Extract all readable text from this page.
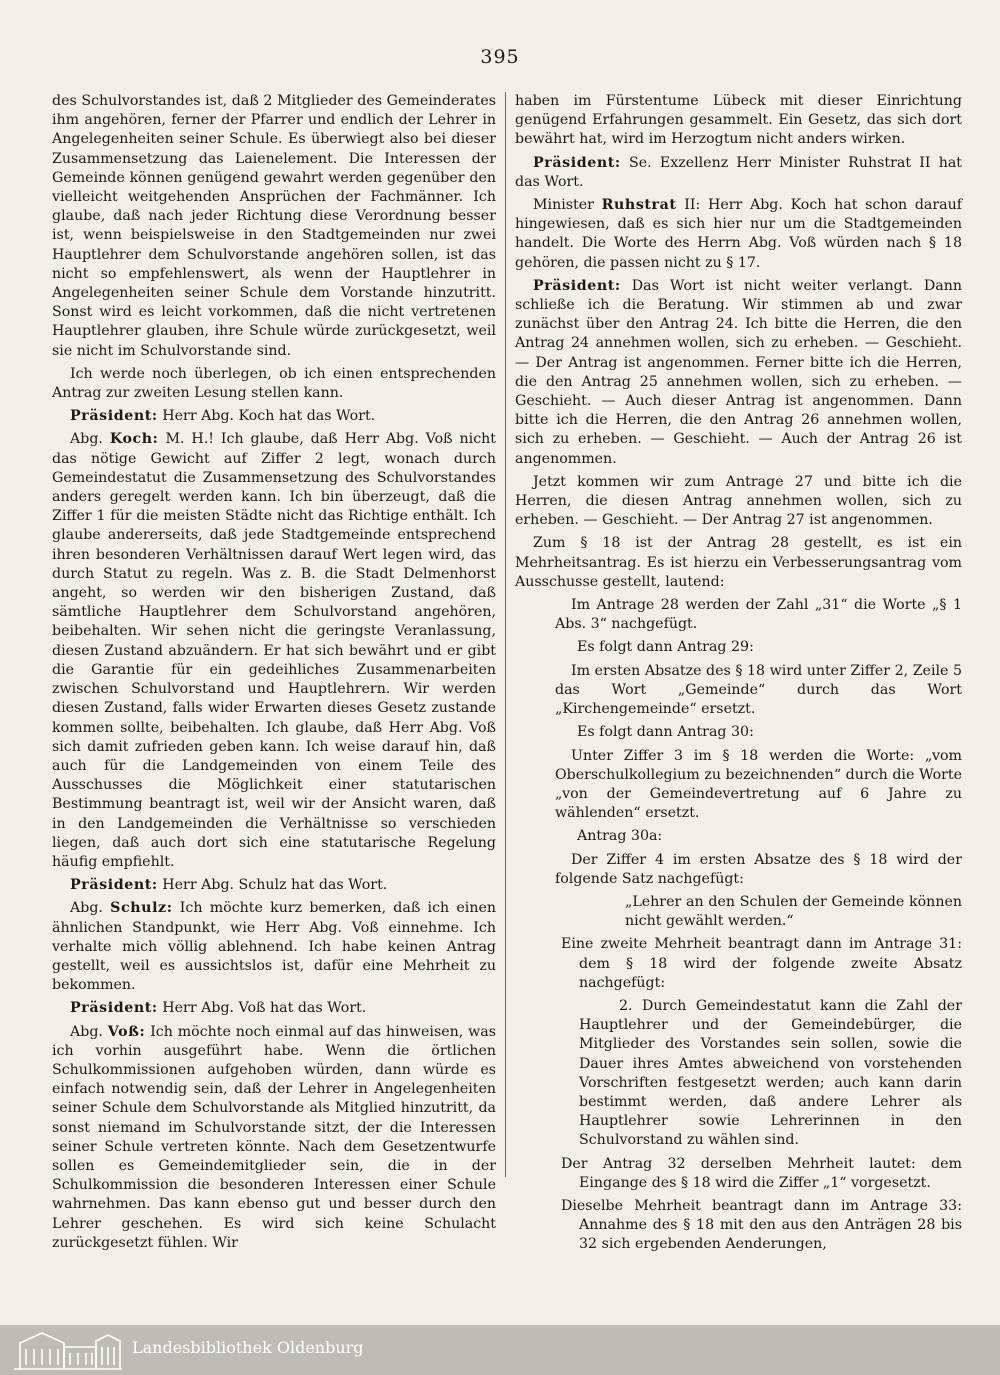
395

des Schulvorstandes ist, daß 2 Mitglieder des Gemeinderates ihm angehören, ferner der Pfarrer und endlich der Lehrer in Angelegenheiten seiner Schule. Es überwiegt also bei dieser Zusammensetzung das Laienelement. Die Interessen der Gemeinde können genügend gewahrt werden gegenüber den vielleicht weitgehenden Ansprüchen der Fachmänner. Ich glaube, daß nach jeder Richtung diese Verordnung besser ist, wenn beispielsweise in den Stadtgemeinden nur zwei Hauptlehrer dem Schulvorstande angehören sollen, ist das nicht so empfehlenswert, als wenn der Hauptlehrer in Angelegenheiten seiner Schule dem Vorstande hinzutritt. Sonst wird es leicht vorkommen, daß die nicht vertretenen Hauptlehrer glauben, ihre Schule würde zurückgesetzt, weil sie nicht im Schulvorstande sind.

Ich werde noch überlegen, ob ich einen entsprechenden Antrag zur zweiten Lesung stellen kann.

Präsident: Herr Abg. Koch hat das Wort.

Abg. Koch: M. H.! Ich glaube, daß Herr Abg. Voß nicht das nötige Gewicht auf Ziffer 2 legt, wonach durch Gemeindestatut die Zusammensetzung des Schulvorstandes anders geregelt werden kann. Ich bin überzeugt, daß die Ziffer 1 für die meisten Städte nicht das Richtige enthält. Ich glaube andererseits, daß jede Stadtgemeinde entsprechend ihren besonderen Verhältnissen darauf Wert legen wird, das durch Statut zu regeln. Was z. B. die Stadt Delmenhorst angeht, so werden wir den bisherigen Zustand, daß sämtliche Hauptlehrer dem Schulvorstand angehören, beibehalten. Wir sehen nicht die geringste Veranlassung, diesen Zustand abzuändern. Er hat sich bewährt und er gibt die Garantie für ein gedeihliches Zusammenarbeiten zwischen Schulvorstand und Hauptlehrern. Wir werden diesen Zustand, falls wider Erwarten dieses Gesetz zustande kommen sollte, beibehalten. Ich glaube, daß Herr Abg. Voß sich damit zufrieden geben kann. Ich weise darauf hin, daß auch für die Landgemeinden von einem Teile des Ausschusses die Möglichkeit einer statutarischen Bestimmung beantragt ist, weil wir der Ansicht waren, daß in den Landgemeinden die Verhältnisse so verschieden liegen, daß auch dort sich eine statutarische Regelung häufig empfiehlt.

Präsident: Herr Abg. Schulz hat das Wort.

Abg. Schulz: Ich möchte kurz bemerken, daß ich einen ähnlichen Standpunkt, wie Herr Abg. Voß einnehme. Ich verhalte mich völlig ablehnend. Ich habe keinen Antrag gestellt, weil es aussichtslos ist, dafür eine Mehrheit zu bekommen.

Präsident: Herr Abg. Voß hat das Wort.

Abg. Voß: Ich möchte noch einmal auf das hinweisen, was ich vorhin ausgeführt habe. Wenn die örtlichen Schulkommissionen aufgehoben würden, dann würde es einfach notwendig sein, daß der Lehrer in Angelegenheiten seiner Schule dem Schulvorstande als Mitglied hinzutritt, da sonst niemand im Schulvorstande sitzt, der die Interessen seiner Schule vertreten könnte. Nach dem Gesetzentwurfe sollen es Gemeindemitglieder sein, die in der Schulkommission die besonderen Interessen einer Schule wahrnehmen. Das kann ebenso gut und besser durch den Lehrer geschehen. Es wird sich keine Schulacht zurückgesetzt fühlen. Wir

haben im Fürstentume Lübeck mit dieser Einrichtung genügend Erfahrungen gesammelt. Ein Gesetz, das sich dort bewährt hat, wird im Herzogtum nicht anders wirken.

Präsident: Se. Exzellenz Herr Minister Ruhstrat II hat das Wort.

Minister Ruhstrat II: Herr Abg. Koch hat schon darauf hingewiesen, daß es sich hier nur um die Stadtgemeinden handelt. Die Worte des Herrn Abg. Voß würden nach § 18 gehören, die passen nicht zu § 17.

Präsident: Das Wort ist nicht weiter verlangt. Dann schließe ich die Beratung. Wir stimmen ab und zwar zunächst über den Antrag 24. Ich bitte die Herren, die den Antrag 24 annehmen wollen, sich zu erheben. — Geschieht. — Der Antrag ist angenommen. Ferner bitte ich die Herren, die den Antrag 25 annehmen wollen, sich zu erheben. — Geschieht. — Auch dieser Antrag ist angenommen. Dann bitte ich die Herren, die den Antrag 26 annehmen wollen, sich zu erheben. — Geschieht. — Auch der Antrag 26 ist angenommen.

Jetzt kommen wir zum Antrage 27 und bitte ich die Herren, die diesen Antrag annehmen wollen, sich zu erheben. — Geschieht. — Der Antrag 27 ist angenommen.

Zum § 18 ist der Antrag 28 gestellt, es ist ein Mehrheitsantrag. Es ist hierzu ein Verbesserungsantrag vom Ausschusse gestellt, lautend:

Im Antrage 28 werden der Zahl „31“ die Worte „§ 1 Abs. 3“ nachgefügt.

Es folgt dann Antrag 29:

Im ersten Absatze des § 18 wird unter Ziffer 2, Zeile 5 das Wort „Gemeinde“ durch das Wort „Kirchengemeinde“ ersetzt.

Es folgt dann Antrag 30:

Unter Ziffer 3 im § 18 werden die Worte: „vom Oberschulkollegium zu bezeichnenden“ durch die Worte „von der Gemeindevertretung auf 6 Jahre zu wählenden“ ersetzt.

Antrag 30a:

Der Ziffer 4 im ersten Absatze des § 18 wird der folgende Satz nachgefügt:

„Lehrer an den Schulen der Gemeinde können nicht gewählt werden.“

Eine zweite Mehrheit beantragt dann im Antrage 31: dem § 18 wird der folgende zweite Absatz nachgefügt:

2. Durch Gemeindestatut kann die Zahl der Hauptlehrer und der Gemeindebürger, die Mitglieder des Vorstandes sein sollen, sowie die Dauer ihres Amtes abweichend von vorstehenden Vorschriften festgesetzt werden; auch kann darin bestimmt werden, daß andere Lehrer als Hauptlehrer sowie Lehrerinnen in den Schulvorstand zu wählen sind.

Der Antrag 32 derselben Mehrheit lautet: dem Eingange des § 18 wird die Ziffer „1“ vorgesetzt.

Dieselbe Mehrheit beantragt dann im Antrage 33: Annahme des § 18 mit den aus den Anträgen 28 bis 32 sich ergebenden Aenderungen,

Landesbibliothek Oldenburg
